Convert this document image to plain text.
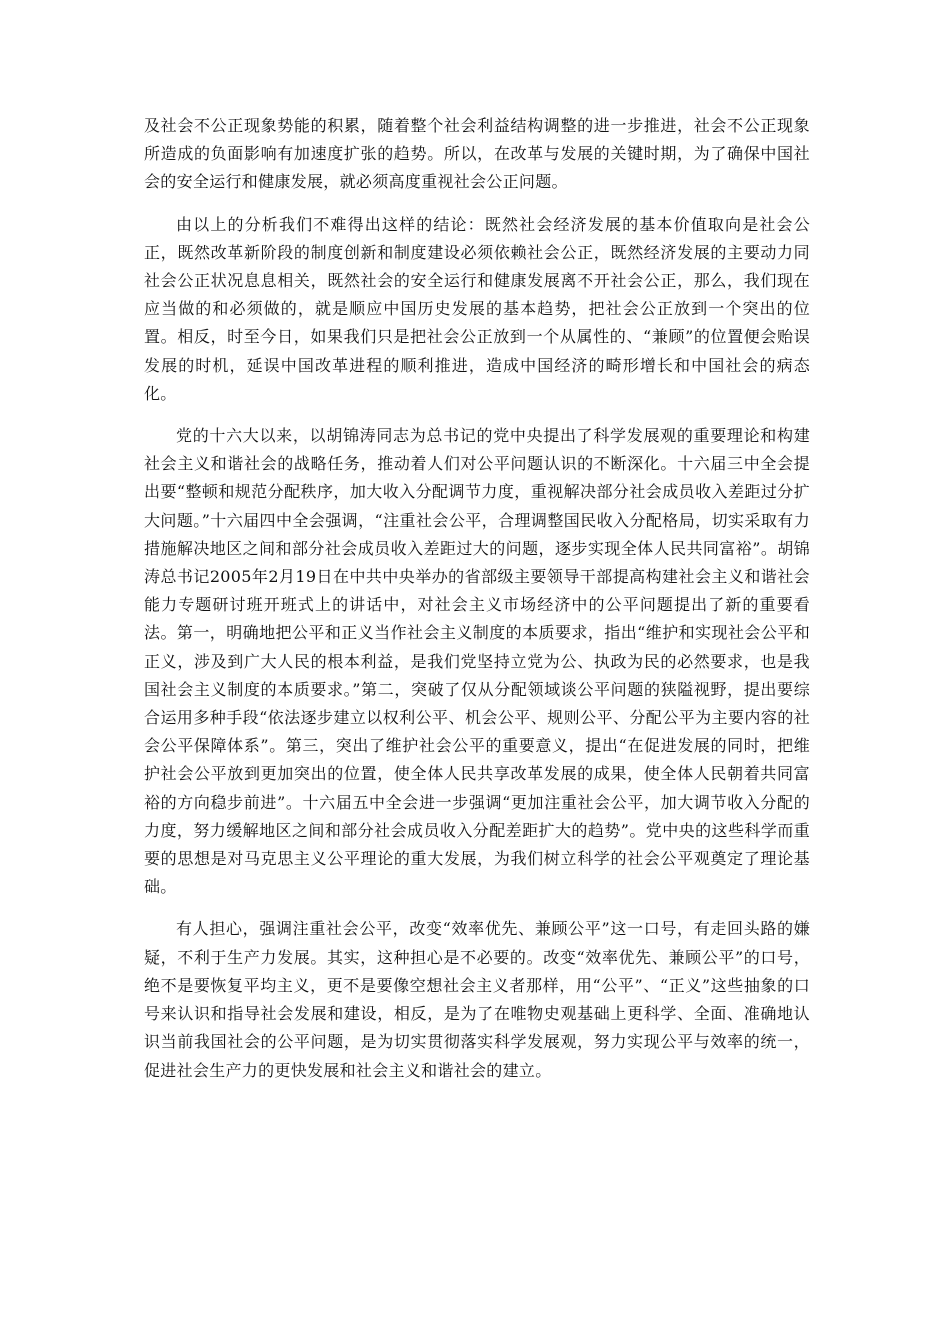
及社会不公正现象势能的积累，随着整个社会利益结构调整的进一步推进，社会不公正现象所造成的负面影响有加速度扩张的趋势。所以，在改革与发展的关键时期，为了确保中国社会的安全运行和健康发展，就必须高度重视社会公正问题。

由以上的分析我们不难得出这样的结论：既然社会经济发展的基本价值取向是社会公正，既然改革新阶段的制度创新和制度建设必须依赖社会公正，既然经济发展的主要动力同社会公正状况息息相关，既然社会的安全运行和健康发展离不开社会公正，那么，我们现在应当做的和必须做的，就是顺应中国历史发展的基本趋势，把社会公正放到一个突出的位置。相反，时至今日，如果我们只是把社会公正放到一个从属性的、“兼顾”的位置便会贻误发展的时机，延误中国改革进程的顺利推进，造成中国经济的畸形增长和中国社会的病态化。

党的十六大以来，以胡锦涛同志为总书记的党中央提出了科学发展观的重要理论和构建社会主义和谐社会的战略任务，推动着人们对公平问题认识的不断深化。十六届三中全会提出要“整顿和规范分配秩序，加大收入分配调节力度，重视解决部分社会成员收入差距过分扩大问题。”十六届四中全会强调，“注重社会公平，合理调整国民收入分配格局，切实采取有力措施解决地区之间和部分社会成员收入差距过大的问题，逐步实现全体人民共同富裕”。胡锦涛总书记2005年2月19日在中共中央举办的省部级主要领导干部提高构建社会主义和谐社会能力专题研讨班开班式上的讲话中，对社会主义市场经济中的公平问题提出了新的重要看法。第一，明确地把公平和正义当作社会主义制度的本质要求，指出“维护和实现社会公平和正义，涉及到广大人民的根本利益，是我们党坚持立党为公、执政为民的必然要求，也是我国社会主义制度的本质要求。”第二，突破了仅从分配领域谈公平问题的狭隘视野，提出要综合运用多种手段“依法逐步建立以权利公平、机会公平、规则公平、分配公平为主要内容的社会公平保障体系”。第三，突出了维护社会公平的重要意义，提出“在促进发展的同时，把维护社会公平放到更加突出的位置，使全体人民共享改革发展的成果，使全体人民朝着共同富裕的方向稳步前进”。十六届五中全会进一步强调“更加注重社会公平，加大调节收入分配的力度，努力缓解地区之间和部分社会成员收入分配差距扩大的趋势”。党中央的这些科学而重要的思想是对马克思主义公平理论的重大发展，为我们树立科学的社会公平观奠定了理论基础。

有人担心，强调注重社会公平，改变“效率优先、兼顾公平”这一口号，有走回头路的嫌疑，不利于生产力发展。其实，这种担心是不必要的。改变“效率优先、兼顾公平”的口号，绝不是要恢复平均主义，更不是要像空想社会主义者那样，用“公平”、“正义”这些抽象的口号来认识和指导社会发展和建设，相反，是为了在唯物史观基础上更科学、全面、准确地认识当前我国社会的公平问题，是为切实贯彻落实科学发展观，努力实现公平与效率的统一，促进社会生产力的更快发展和社会主义和谐社会的建立。
